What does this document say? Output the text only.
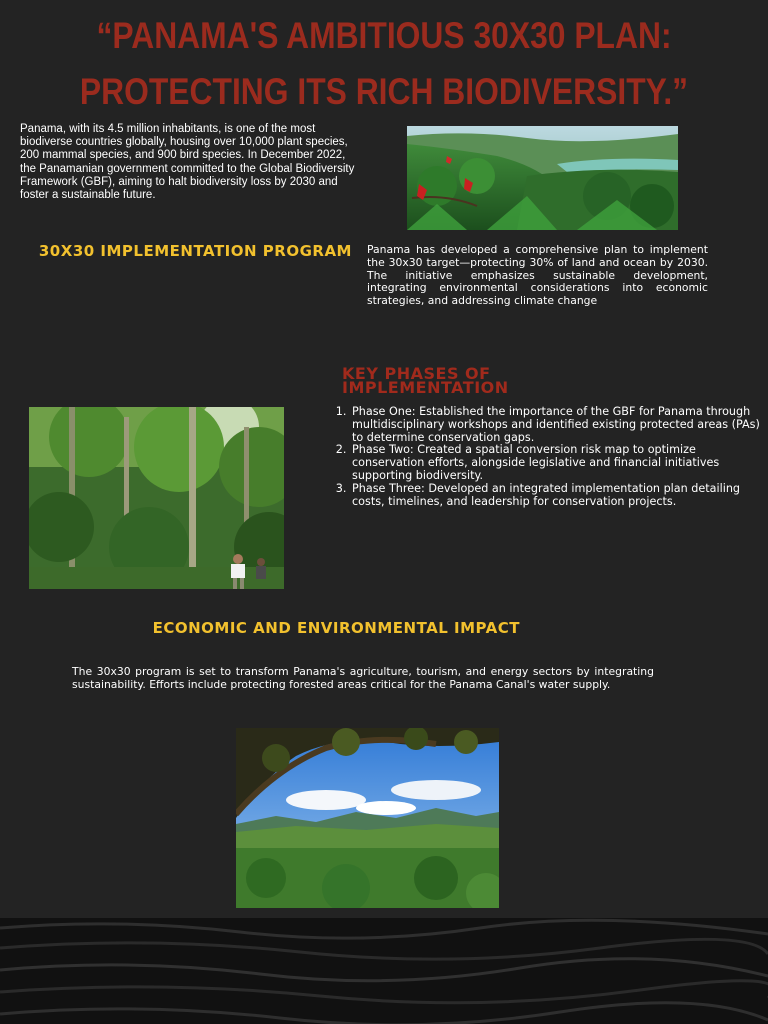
“PANAMA'S AMBITIOUS 30X30 PLAN: PROTECTING ITS RICH BIODIVERSITY.”
Panama, with its 4.5 million inhabitants, is one of the most biodiverse countries globally, housing over 10,000 plant species, 200 mammal species, and 900 bird species. In December 2022, the Panamanian government committed to the Global Biodiversity Framework (GBF), aiming to halt biodiversity loss by 2030 and foster a sustainable future.
30X30 IMPLEMENTATION PROGRAM Panama has developed a comprehensive plan to implement the 30x30 target—protecting 30% of land and ocean by 2030. The initiative emphasizes sustainable development, integrating environmental considerations into economic strategies, and addressing climate change
KEY PHASES OF IMPLEMENTATION
1. Phase One: Established the importance of the GBF for Panama through multidisciplinary workshops and identified existing protected areas (PAs) to determine conservation gaps.
2. Phase Two: Created a spatial conversion risk map to optimize conservation efforts, alongside legislative and financial initiatives supporting biodiversity.
3. Phase Three: Developed an integrated implementation plan detailing costs, timelines, and leadership for conservation projects.
ECONOMIC AND ENVIRONMENTAL IMPACT
The 30x30 program is set to transform Panama's agriculture, tourism, and energy sectors by integrating sustainability. Efforts include protecting forested areas critical for the Panama Canal's water supply.
